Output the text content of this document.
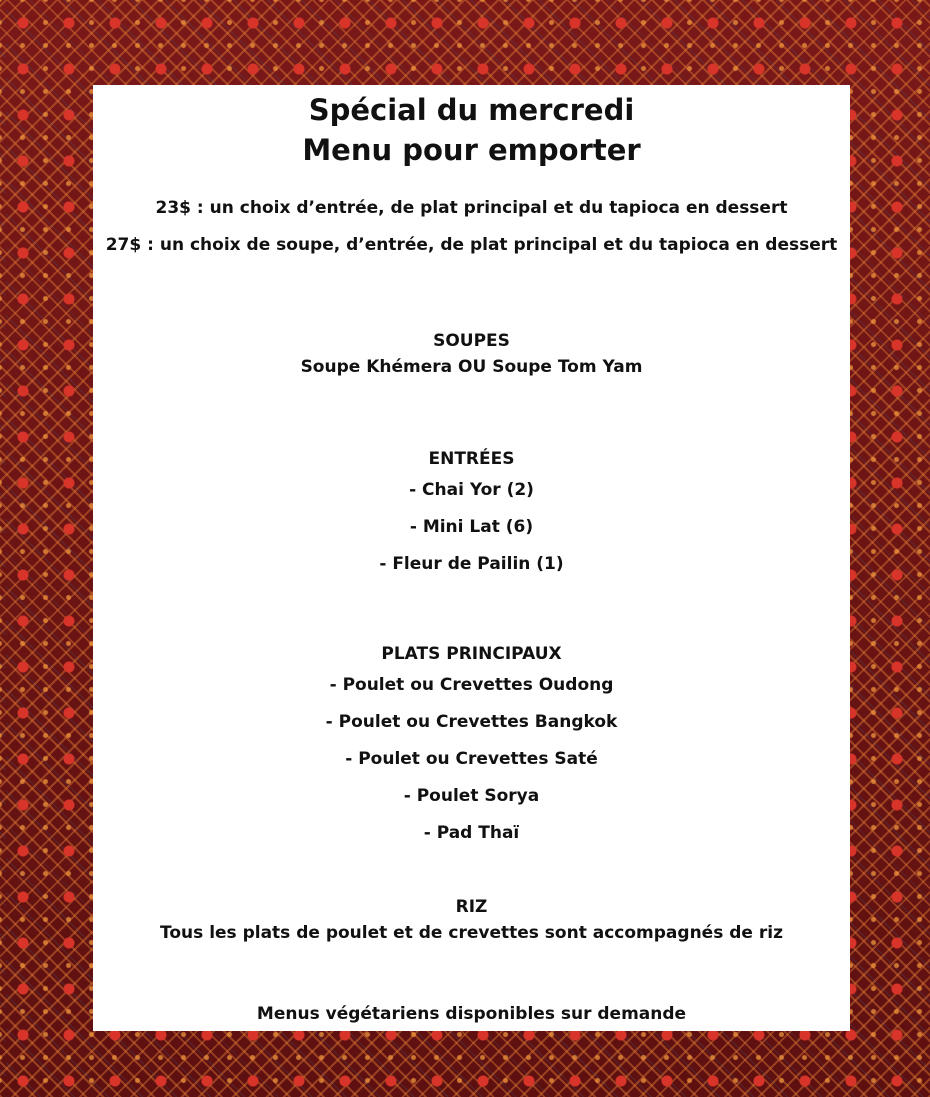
Spécial du mercredi
Menu pour emporter
23$ : un choix d’entrée, de plat principal et du tapioca en dessert
27$ : un choix de soupe, d’entrée, de plat principal et du tapioca en dessert
SOUPES
Soupe Khémera OU Soupe Tom Yam
ENTRÉES
- Chai Yor (2)
- Mini Lat (6)
- Fleur de Pailin (1)
PLATS PRINCIPAUX
- Poulet ou Crevettes Oudong
- Poulet ou Crevettes Bangkok
- Poulet ou Crevettes Saté
- Poulet Sorya
- Pad Thaï
RIZ
Tous les plats de poulet et de crevettes sont accompagnés de riz
Menus végétariens disponibles sur demande
